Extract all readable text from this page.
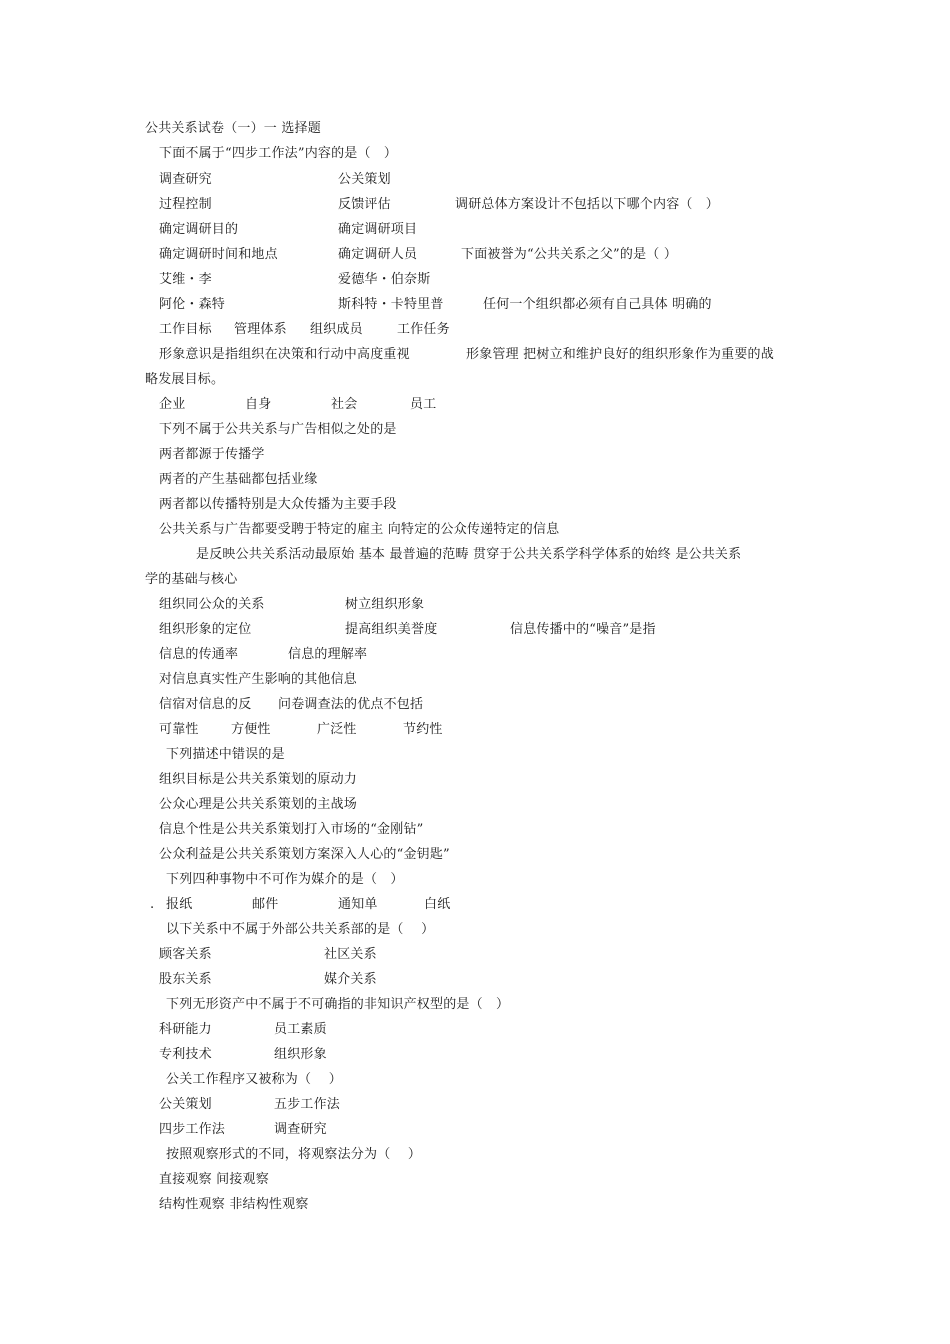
公共关系试卷（一）一 选择题
下面不属于“四步工作法”内容的是（　）
调查研究	公关策划
过程控制	反馈评估	调研总体方案设计不包括以下哪个内容（　）
确定调研目的	确定调研项目
确定调研时间和地点	确定调研人员	下面被誉为“公共关系之父”的是（ ）
艾维・李	爱德华・伯奈斯
阿伦・森特	斯科特・卡特里普	任何一个组织都必须有自己具体 明确的
工作目标 管理体系 组织成员	工作任务
形象意识是指组织在决策和行动中高度重视	形象管理 把树立和维护良好的组织形象作为重要的战
略发展目标。
企业	自身	社会	员工
下列不属于公共关系与广告相似之处的是
两者都源于传播学
两者的产生基础都包括业缘
两者都以传播特别是大众传播为主要手段
公共关系与广告都要受聘于特定的雇主 向特定的公众传递特定的信息
是反映公共关系活动最原始 基本 最普遍的范畴 贯穿于公共关系学科学体系的始终 是公共关系
学的基础与核心
组织同公众的关系	树立组织形象
组织形象的定位	提高组织美誉度	信息传播中的“噪音”是指
信息的传通率	信息的理解率
对信息真实性产生影响的其他信息
信宿对信息的反 问卷调查法的优点不包括
可靠性 方便性	广泛性	节约性
下列描述中错误的是
组织目标是公共关系策划的原动力
公众心理是公共关系策划的主战场
信息个性是公共关系策划打入市场的“金刚钻”
公众利益是公共关系策划方案深入人心的“金钥匙”
下列四种事物中不可作为媒介的是（　）
. 报纸	邮件	通知单	白纸
以下关系中不属于外部公共关系部的是（　 ）
顾客关系	社区关系
股东关系	媒介关系
下列无形资产中不属于不可确指的非知识产权型的是（　）
科研能力	员工素质
专利技术	组织形象
公关工作程序又被称为（　 ）
公关策划	五步工作法
四步工作法	调查研究
按照观察形式的不同，将观察法分为（　 ）
直接观察 间接观察
结构性观察 非结构性观察
